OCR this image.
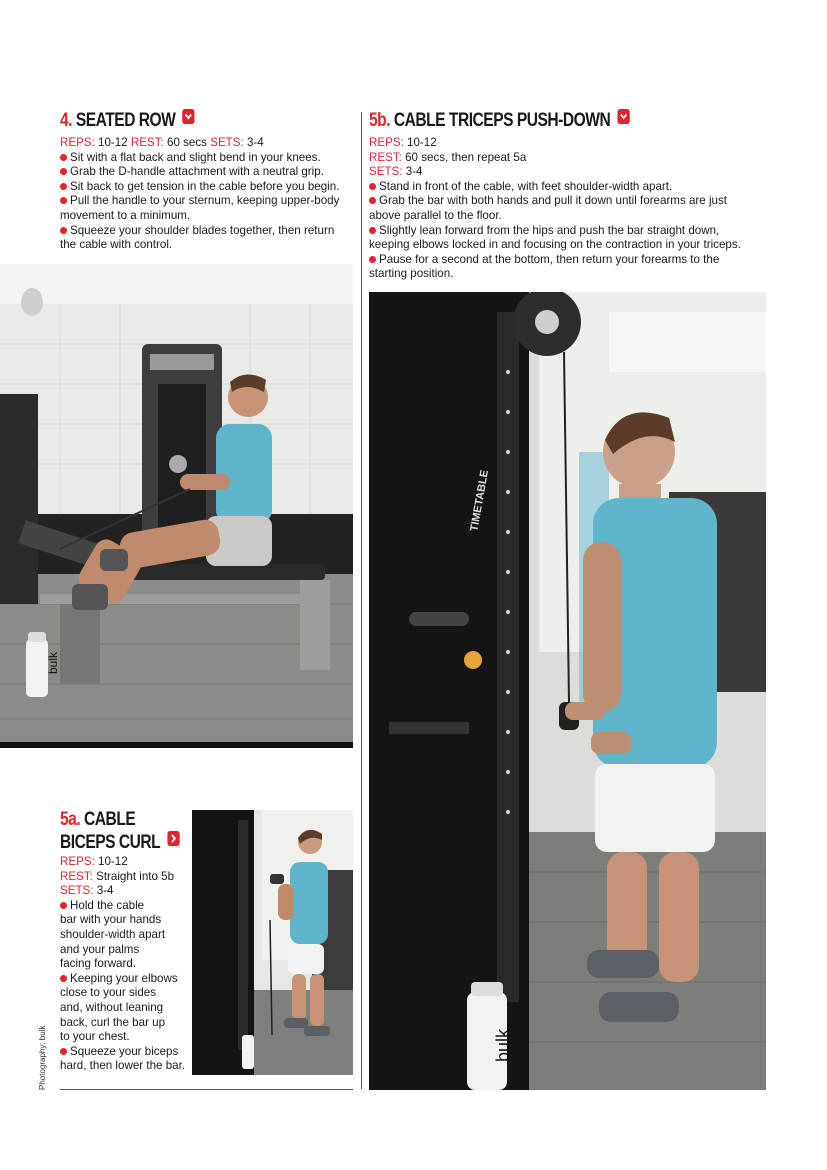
4. SEATED ROW
REPS: 10-12 REST: 60 secs SETS: 3-4
Sit with a flat back and slight bend in your knees.
Grab the D-handle attachment with a neutral grip.
Sit back to get tension in the cable before you begin.
Pull the handle to your sternum, keeping upper-body
movement to a minimum.
Squeeze your shoulder blades together, then return
the cable with control.
bulk
5b. CABLE TRICEPS PUSH-DOWN
REPS: 10-12
REST: 60 secs, then repeat 5a
SETS: 3-4
Stand in front of the cable, with feet shoulder-width apart.
Grab the bar with both hands and pull it down until forearms are just
above parallel to the floor.
Slightly lean forward from the hips and push the bar straight down,
keeping elbows locked in and focusing on the contraction in your triceps.
Pause for a second at the bottom, then return your forearms to the
starting position.
TIMETABLE
bulk
5a. CABLE
BICEPS CURL
REPS: 10-12
REST: Straight into 5b
SETS: 3-4
Hold the cable
bar with your hands
shoulder-width apart
and your palms
facing forward.
Keeping your elbows
close to your sides
and, without leaning
back, curl the bar up
to your chest.
Squeeze your biceps
hard, then lower the bar.
Photography: bulk
